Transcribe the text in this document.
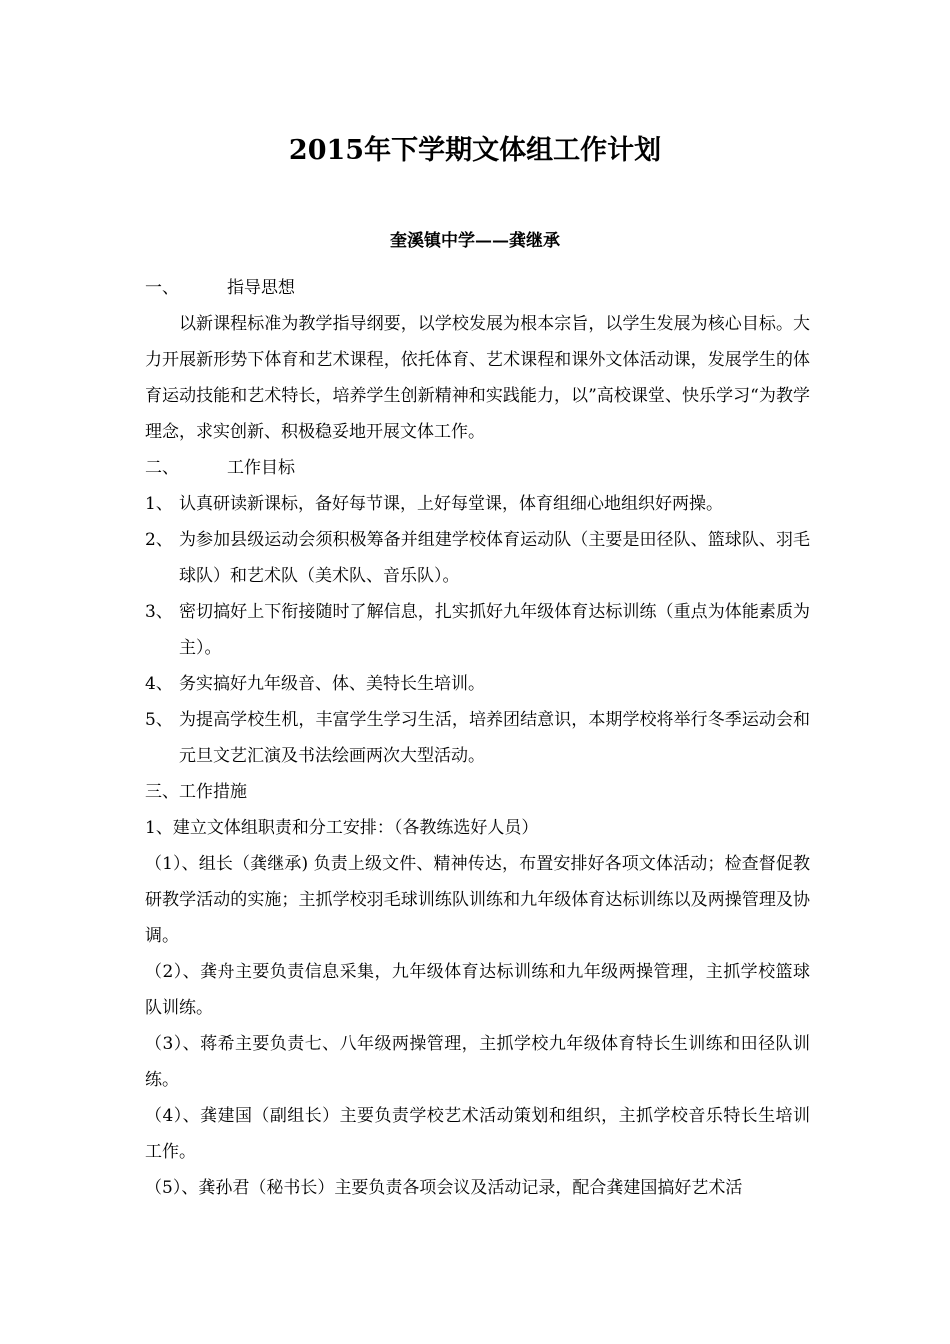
2015年下学期文体组工作计划
奎溪镇中学——龚继承
一、	指导思想

以新课程标准为教学指导纲要，以学校发展为根本宗旨，以学生发展为核心目标。大力开展新形势下体育和艺术课程，依托体育、艺术课程和课外文体活动课，发展学生的体育运动技能和艺术特长，培养学生创新精神和实践能力，以”高校课堂、快乐学习“为教学理念，求实创新、积极稳妥地开展文体工作。

二、	工作目标
1、 认真研读新课标，备好每节课，上好每堂课，体育组细心地组织好两操。
2、 为参加县级运动会须积极筹备并组建学校体育运动队（主要是田径队、篮球队、羽毛球队）和艺术队（美术队、音乐队）。
3、 密切搞好上下衔接随时了解信息，扎实抓好九年级体育达标训练（重点为体能素质为主）。
4、 务实搞好九年级音、体、美特长生培训。
5、 为提高学校生机，丰富学生学习生活，培养团结意识，本期学校将举行冬季运动会和元旦文艺汇演及书法绘画两次大型活动。

三、工作措施

1、建立文体组职责和分工安排：（各教练选好人员）

（1）、组长（龚继承) 负责上级文件、精神传达，布置安排好各项文体活动；检查督促教研教学活动的实施；主抓学校羽毛球训练队训练和九年级体育达标训练以及两操管理及协调。

（2）、龚舟主要负责信息采集，九年级体育达标训练和九年级两操管理，主抓学校篮球队训练。

（3）、蒋希主要负责七、八年级两操管理，主抓学校九年级体育特长生训练和田径队训练。

（4）、龚建国（副组长）主要负责学校艺术活动策划和组织，主抓学校音乐特长生培训工作。

（5）、龚孙君（秘书长）主要负责各项会议及活动记录，配合龚建国搞好艺术活
